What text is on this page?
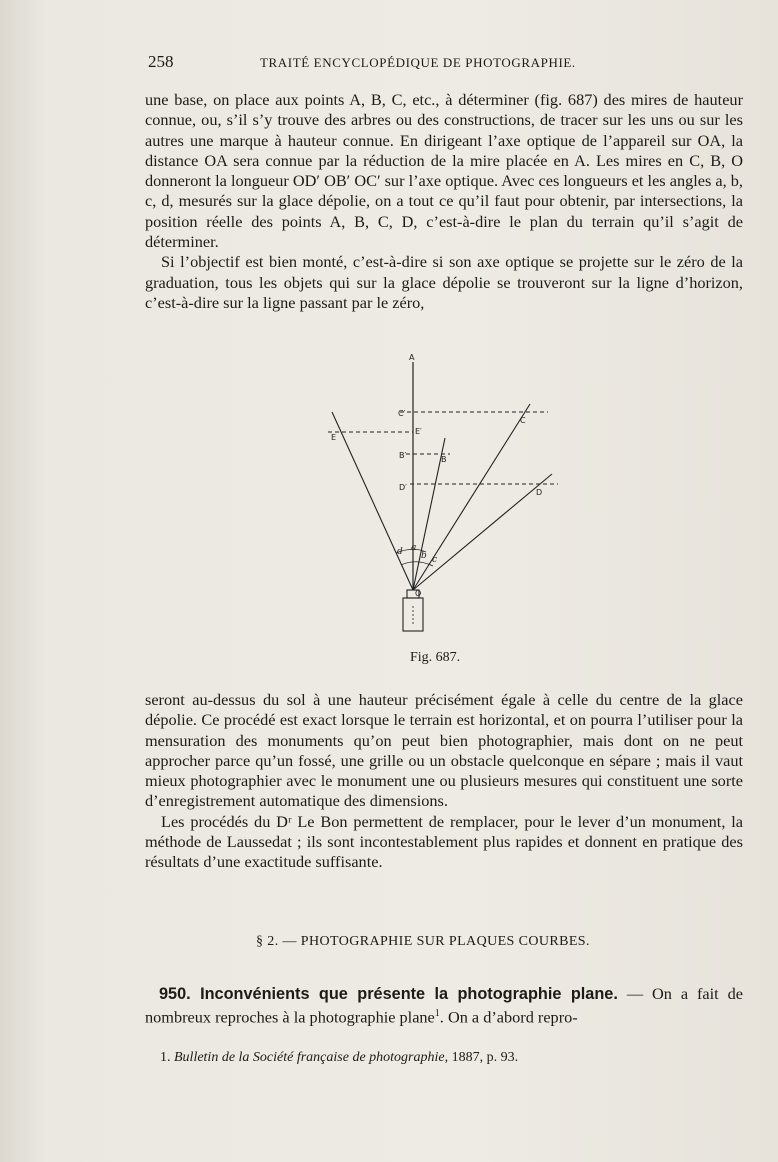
258	TRAITÉ ENCYCLOPÉDIQUE DE PHOTOGRAPHIE.

une base, on place aux points A, B, C, etc., à déterminer (fig. 687) des mires de hauteur connue, ou, s’il s’y trouve des arbres ou des constructions, de tracer sur les uns ou sur les autres une marque à hauteur connue. En dirigeant l’axe optique de l’appareil sur OA, la distance OA sera connue par la réduction de la mire placée en A. Les mires en C, B, O donneront la longueur OD′ OB′ OC′ sur l’axe optique. Avec ces longueurs et les angles a, b, c, d, mesurés sur la glace dépolie, on a tout ce qu’il faut pour obtenir, par intersections, la position réelle des points A, B, C, D, c’est-à-dire le plan du terrain qu’il s’agit de déterminer.

Si l’objectif est bien monté, c’est-à-dire si son axe optique se projette sur le zéro de la graduation, tous les objets qui sur la glace dépolie se trouveront sur la ligne d’horizon, c’est-à-dire sur la ligne passant par le zéro,

A
C′
C
E′
E
B′	B
D′
D
O
d a
b c
Fig. 687.

seront au-dessus du sol à une hauteur précisément égale à celle du centre de la glace dépolie. Ce procédé est exact lorsque le terrain est horizontal, et on pourra l’utiliser pour la mensuration des monuments qu’on peut bien photographier, mais dont on ne peut approcher parce qu’un fossé, une grille ou un obstacle quelconque en sépare ; mais il vaut mieux photographier avec le monument une ou plusieurs mesures qui constituent une sorte d’enregistrement automatique des dimensions.

Les procédés du Dʳ Le Bon permettent de remplacer, pour le lever d’un monument, la méthode de Laussedat ; ils sont incontestablement plus rapides et donnent en pratique des résultats d’une exactitude suffisante.

§ 2. — PHOTOGRAPHIE SUR PLAQUES COURBES.

950. Inconvénients que présente la photographie plane. — On a fait de nombreux reproches à la photographie plane$^1$. On a d’abord repro-

1. Bulletin de la Société française de photographie, 1887, p. 93.
